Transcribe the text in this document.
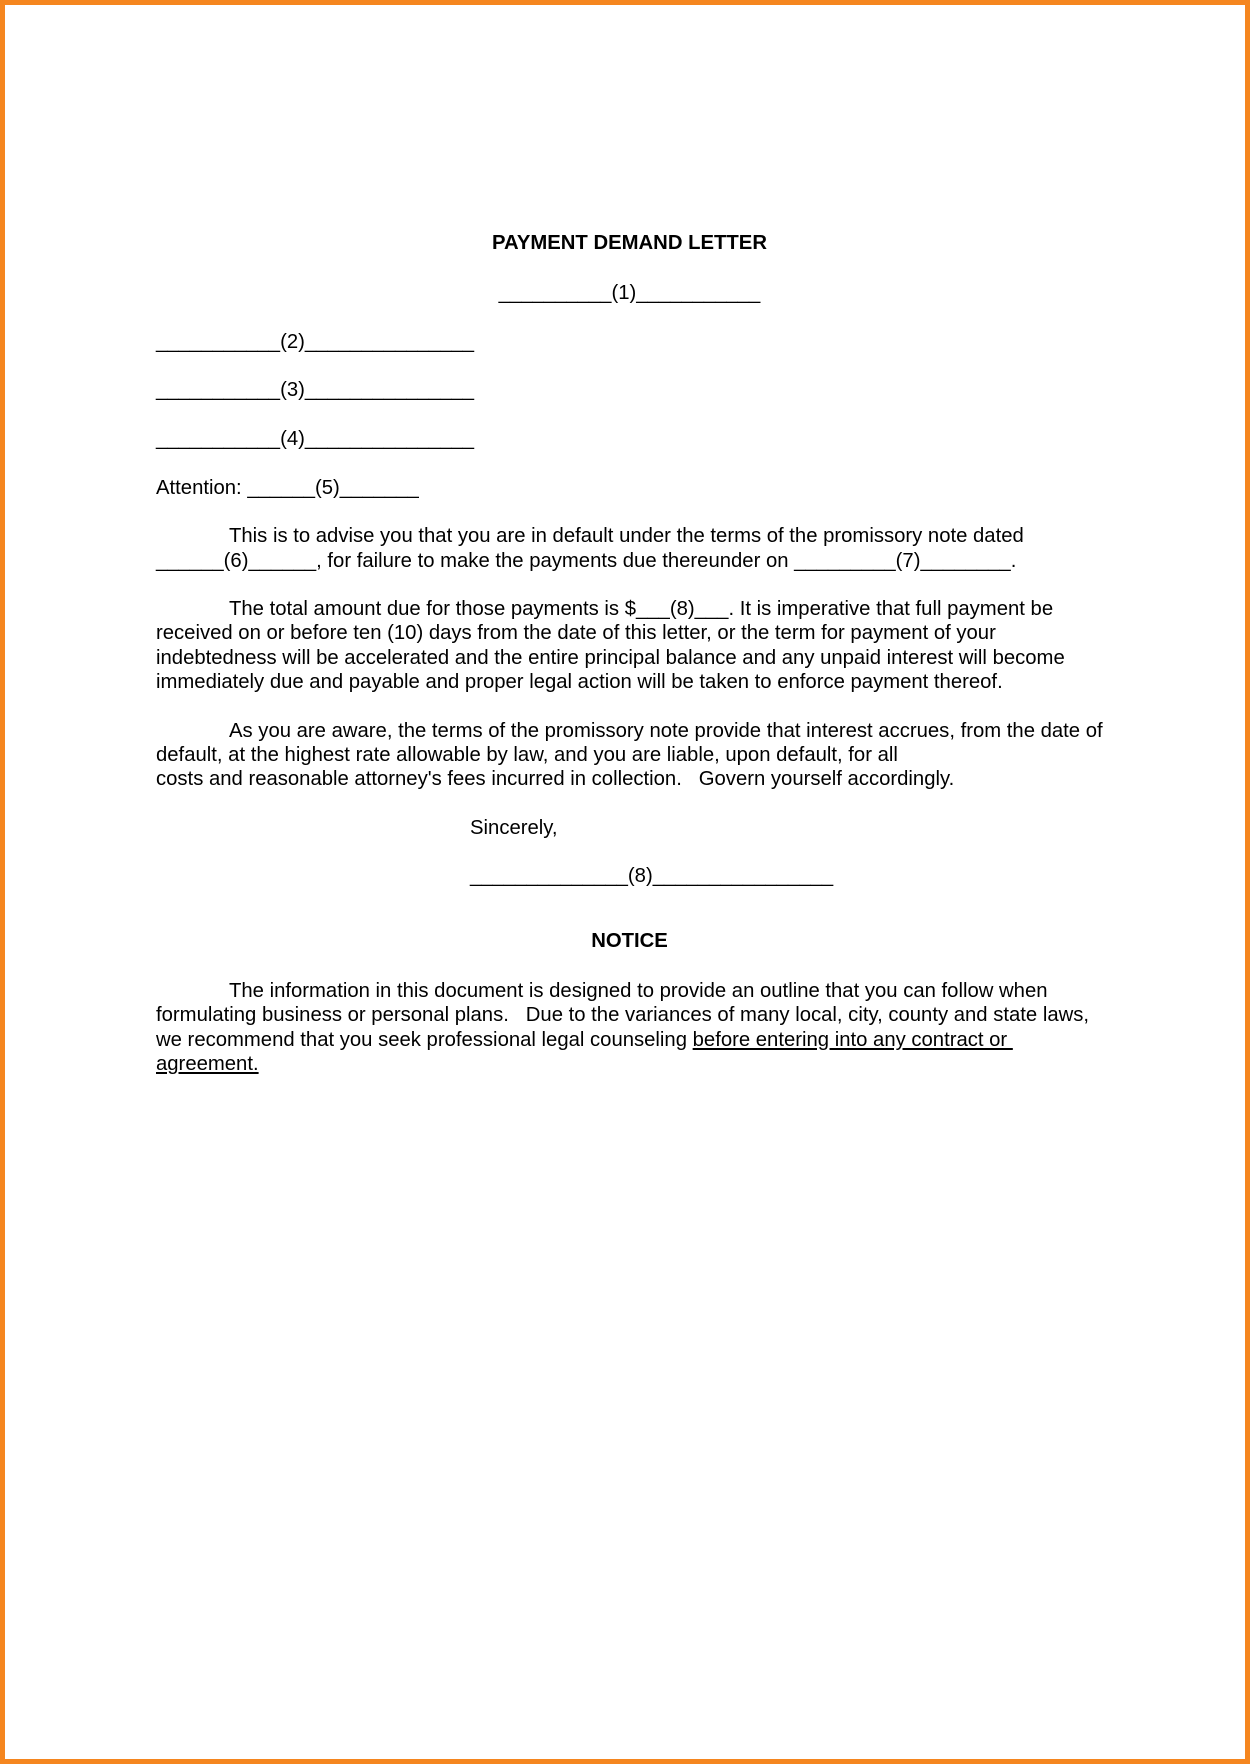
PAYMENT DEMAND LETTER

__________(1)___________

___________(2)_______________

___________(3)_______________

___________(4)_______________

Attention: ______(5)_______

This is to advise you that you are in default under the terms of the promissory note dated
______(6)______, for failure to make the payments due thereunder on _________(7)________.
The total amount due for those payments is $___(8)___. It is imperative that full payment be
received on or before ten (10) days from the date of this letter, or the term for payment of your
indebtedness will be accelerated and the entire principal balance and any unpaid interest will become
immediately due and payable and proper legal action will be taken to enforce payment thereof.
As you are aware, the terms of the promissory note provide that interest accrues, from the date of
default, at the highest rate allowable by law, and you are liable, upon default, for all
costs and reasonable attorney's fees incurred in collection.   Govern yourself accordingly.

Sincerely,

______________(8)________________

NOTICE

The information in this document is designed to provide an outline that you can follow when
formulating business or personal plans.   Due to the variances of many local, city, county and state laws,
we recommend that you seek professional legal counseling before entering into any contract or
agreement.
